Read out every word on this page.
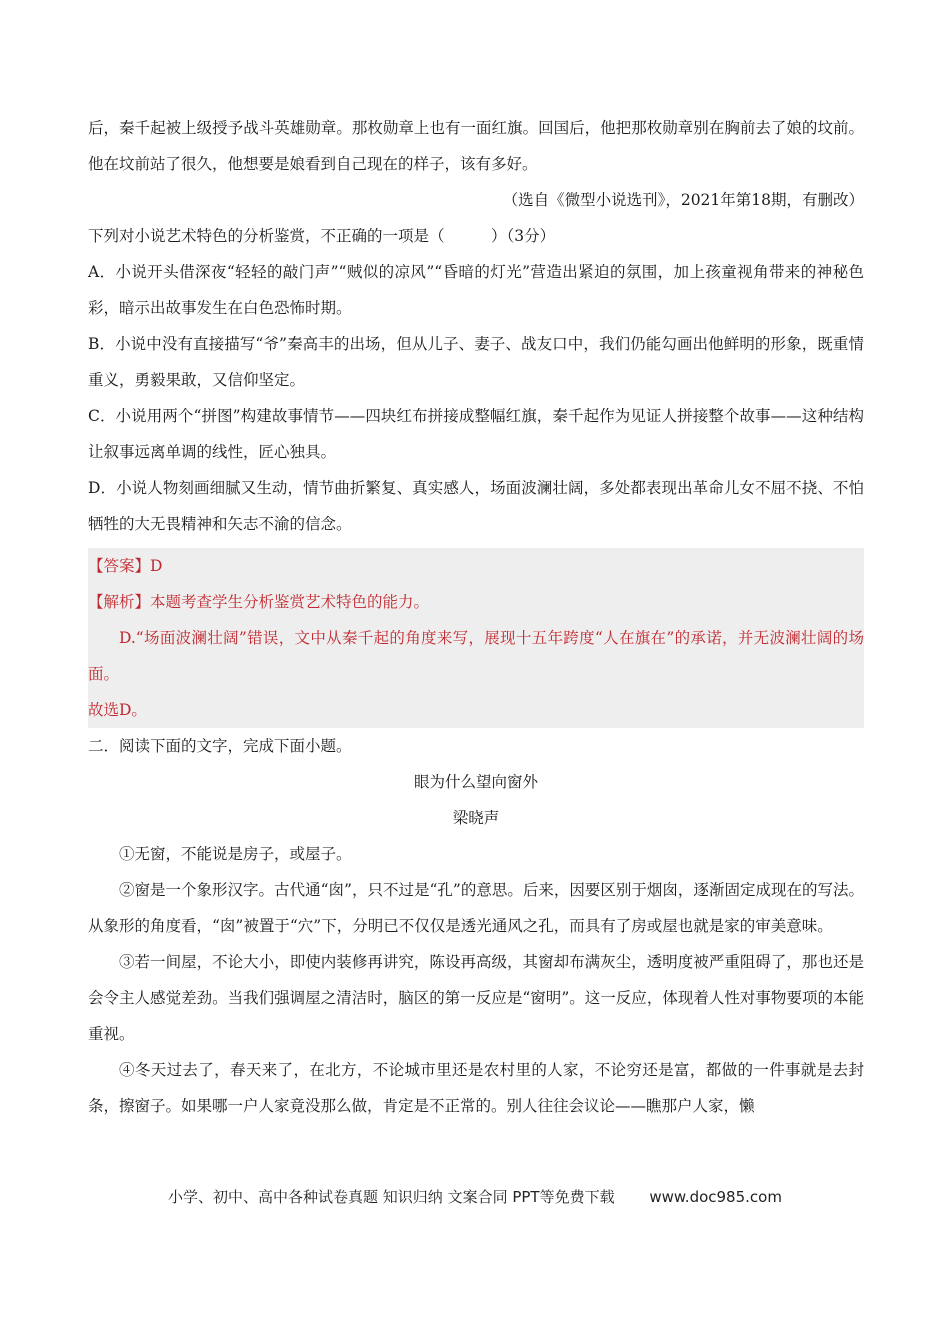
后，秦千起被上级授予战斗英雄勋章。那枚勋章上也有一面红旗。回国后，他把那枚勋章别在胸前去了娘的坟前。他在坟前站了很久，他想要是娘看到自己现在的样子，该有多好。

（选自《微型小说选刊》，2021年第18期，有删改）

下列对小说艺术特色的分析鉴赏，不正确的一项是（　　　）（3分）

A．小说开头借深夜“轻轻的敲门声”“贼似的凉风”“昏暗的灯光”营造出紧迫的氛围，加上孩童视角带来的神秘色彩，暗示出故事发生在白色恐怖时期。

B．小说中没有直接描写“爷”秦高丰的出场，但从儿子、妻子、战友口中，我们仍能勾画出他鲜明的形象，既重情重义，勇毅果敢，又信仰坚定。

C．小说用两个“拼图”构建故事情节——四块红布拼接成整幅红旗，秦千起作为见证人拼接整个故事——这种结构让叙事远离单调的线性，匠心独具。

D．小说人物刻画细腻又生动，情节曲折繁复、真实感人，场面波澜壮阔，多处都表现出革命儿女不屈不挠、不怕牺牲的大无畏精神和矢志不渝的信念。

【答案】D

【解析】本题考查学生分析鉴赏艺术特色的能力。

D.“场面波澜壮阔”错误，文中从秦千起的角度来写，展现十五年跨度“人在旗在”的承诺，并无波澜壮阔的场面。

故选D。

二．阅读下面的文字，完成下面小题。

眼为什么望向窗外

梁晓声

①无窗，不能说是房子，或屋子。

②窗是一个象形汉字。古代通“囱”，只不过是“孔”的意思。后来，因要区别于烟囱，逐渐固定成现在的写法。从象形的角度看，“囱”被置于“穴”下，分明已不仅仅是透光通风之孔，而具有了房或屋也就是家的审美意味。

③若一间屋，不论大小，即使内装修再讲究，陈设再高级，其窗却布满灰尘，透明度被严重阻碍了，那也还是会令主人感觉差劲。当我们强调屋之清洁时，脑区的第一反应是“窗明”。这一反应，体现着人性对事物要项的本能重视。

④冬天过去了，春天来了，在北方，不论城市里还是农村里的人家，不论穷还是富，都做的一件事就是去封条，擦窗子。如果哪一户人家竟没那么做，肯定是不正常的。别人往往会议论——瞧那户人家，懒

小学、初中、高中各种试卷真题 知识归纳 文案合同 PPT等免费下载 www.doc985.com
